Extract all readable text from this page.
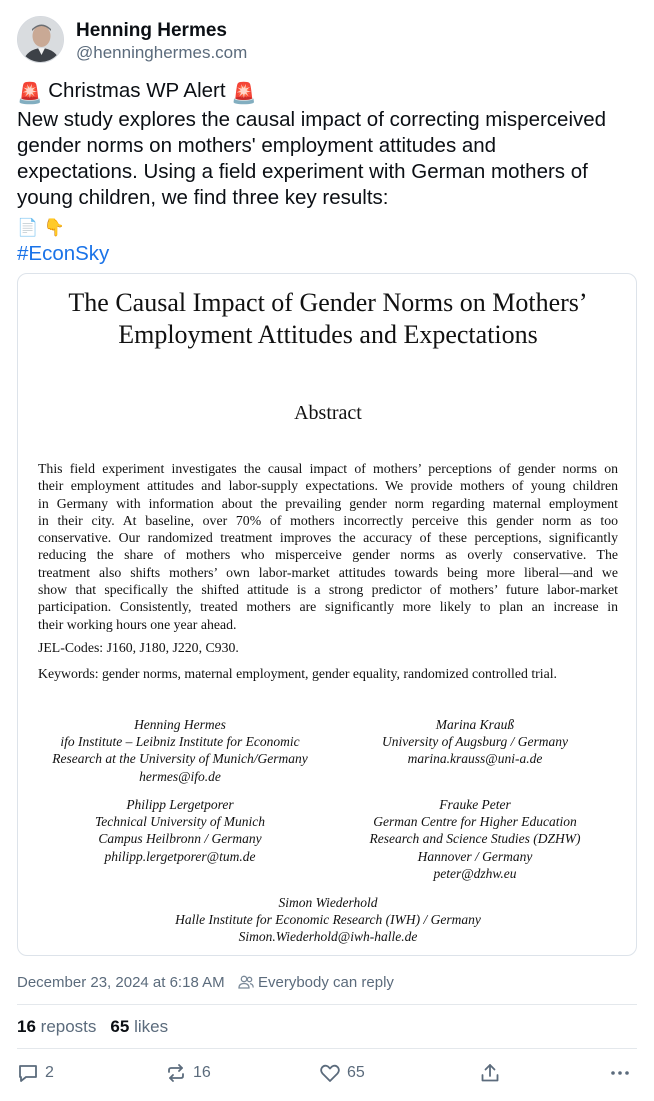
Henning Hermes
@henninghermes.com
🚨 Christmas WP Alert 🚨
New study explores the causal impact of correcting misperceived
gender norms on mothers' employment attitudes and
expectations. Using a field experiment with German mothers of
young children, we find three key results:
📄 👇
#EconSky
The Causal Impact of Gender Norms on Mothers’
Employment Attitudes and Expectations
Abstract
This field experiment investigates the causal impact of mothers’ perceptions of gender norms on
their employment attitudes and labor-supply expectations. We provide mothers of young children
in Germany with information about the prevailing gender norm regarding maternal employment
in their city. At baseline, over 70% of mothers incorrectly perceive this gender norm as too
conservative. Our randomized treatment improves the accuracy of these perceptions, significantly
reducing the share of mothers who misperceive gender norms as overly conservative. The
treatment also shifts mothers’ own labor-market attitudes towards being more liberal—and we
show that specifically the shifted attitude is a strong predictor of mothers’ future labor-market
participation. Consistently, treated mothers are significantly more likely to plan an increase in
their working hours one year ahead.
JEL-Codes: J160, J180, J220, C930.
Keywords: gender norms, maternal employment, gender equality, randomized controlled trial.
Henning Hermes
ifo Institute – Leibniz Institute for Economic
Research at the University of Munich/Germany
hermes@ifo.de
Marina Krauß
University of Augsburg / Germany
marina.krauss@uni-a.de
Philipp Lergetporer
Technical University of Munich
Campus Heilbronn / Germany
philipp.lergetporer@tum.de
Frauke Peter
German Centre for Higher Education
Research and Science Studies (DZHW)
Hannover / Germany
peter@dzhw.eu
Simon Wiederhold
Halle Institute for Economic Research (IWH) / Germany
Simon.Wiederhold@iwh-halle.de
December 23, 2024 at 6:18 AM	Everybody can reply
16 reposts 65 likes
2	16	65
